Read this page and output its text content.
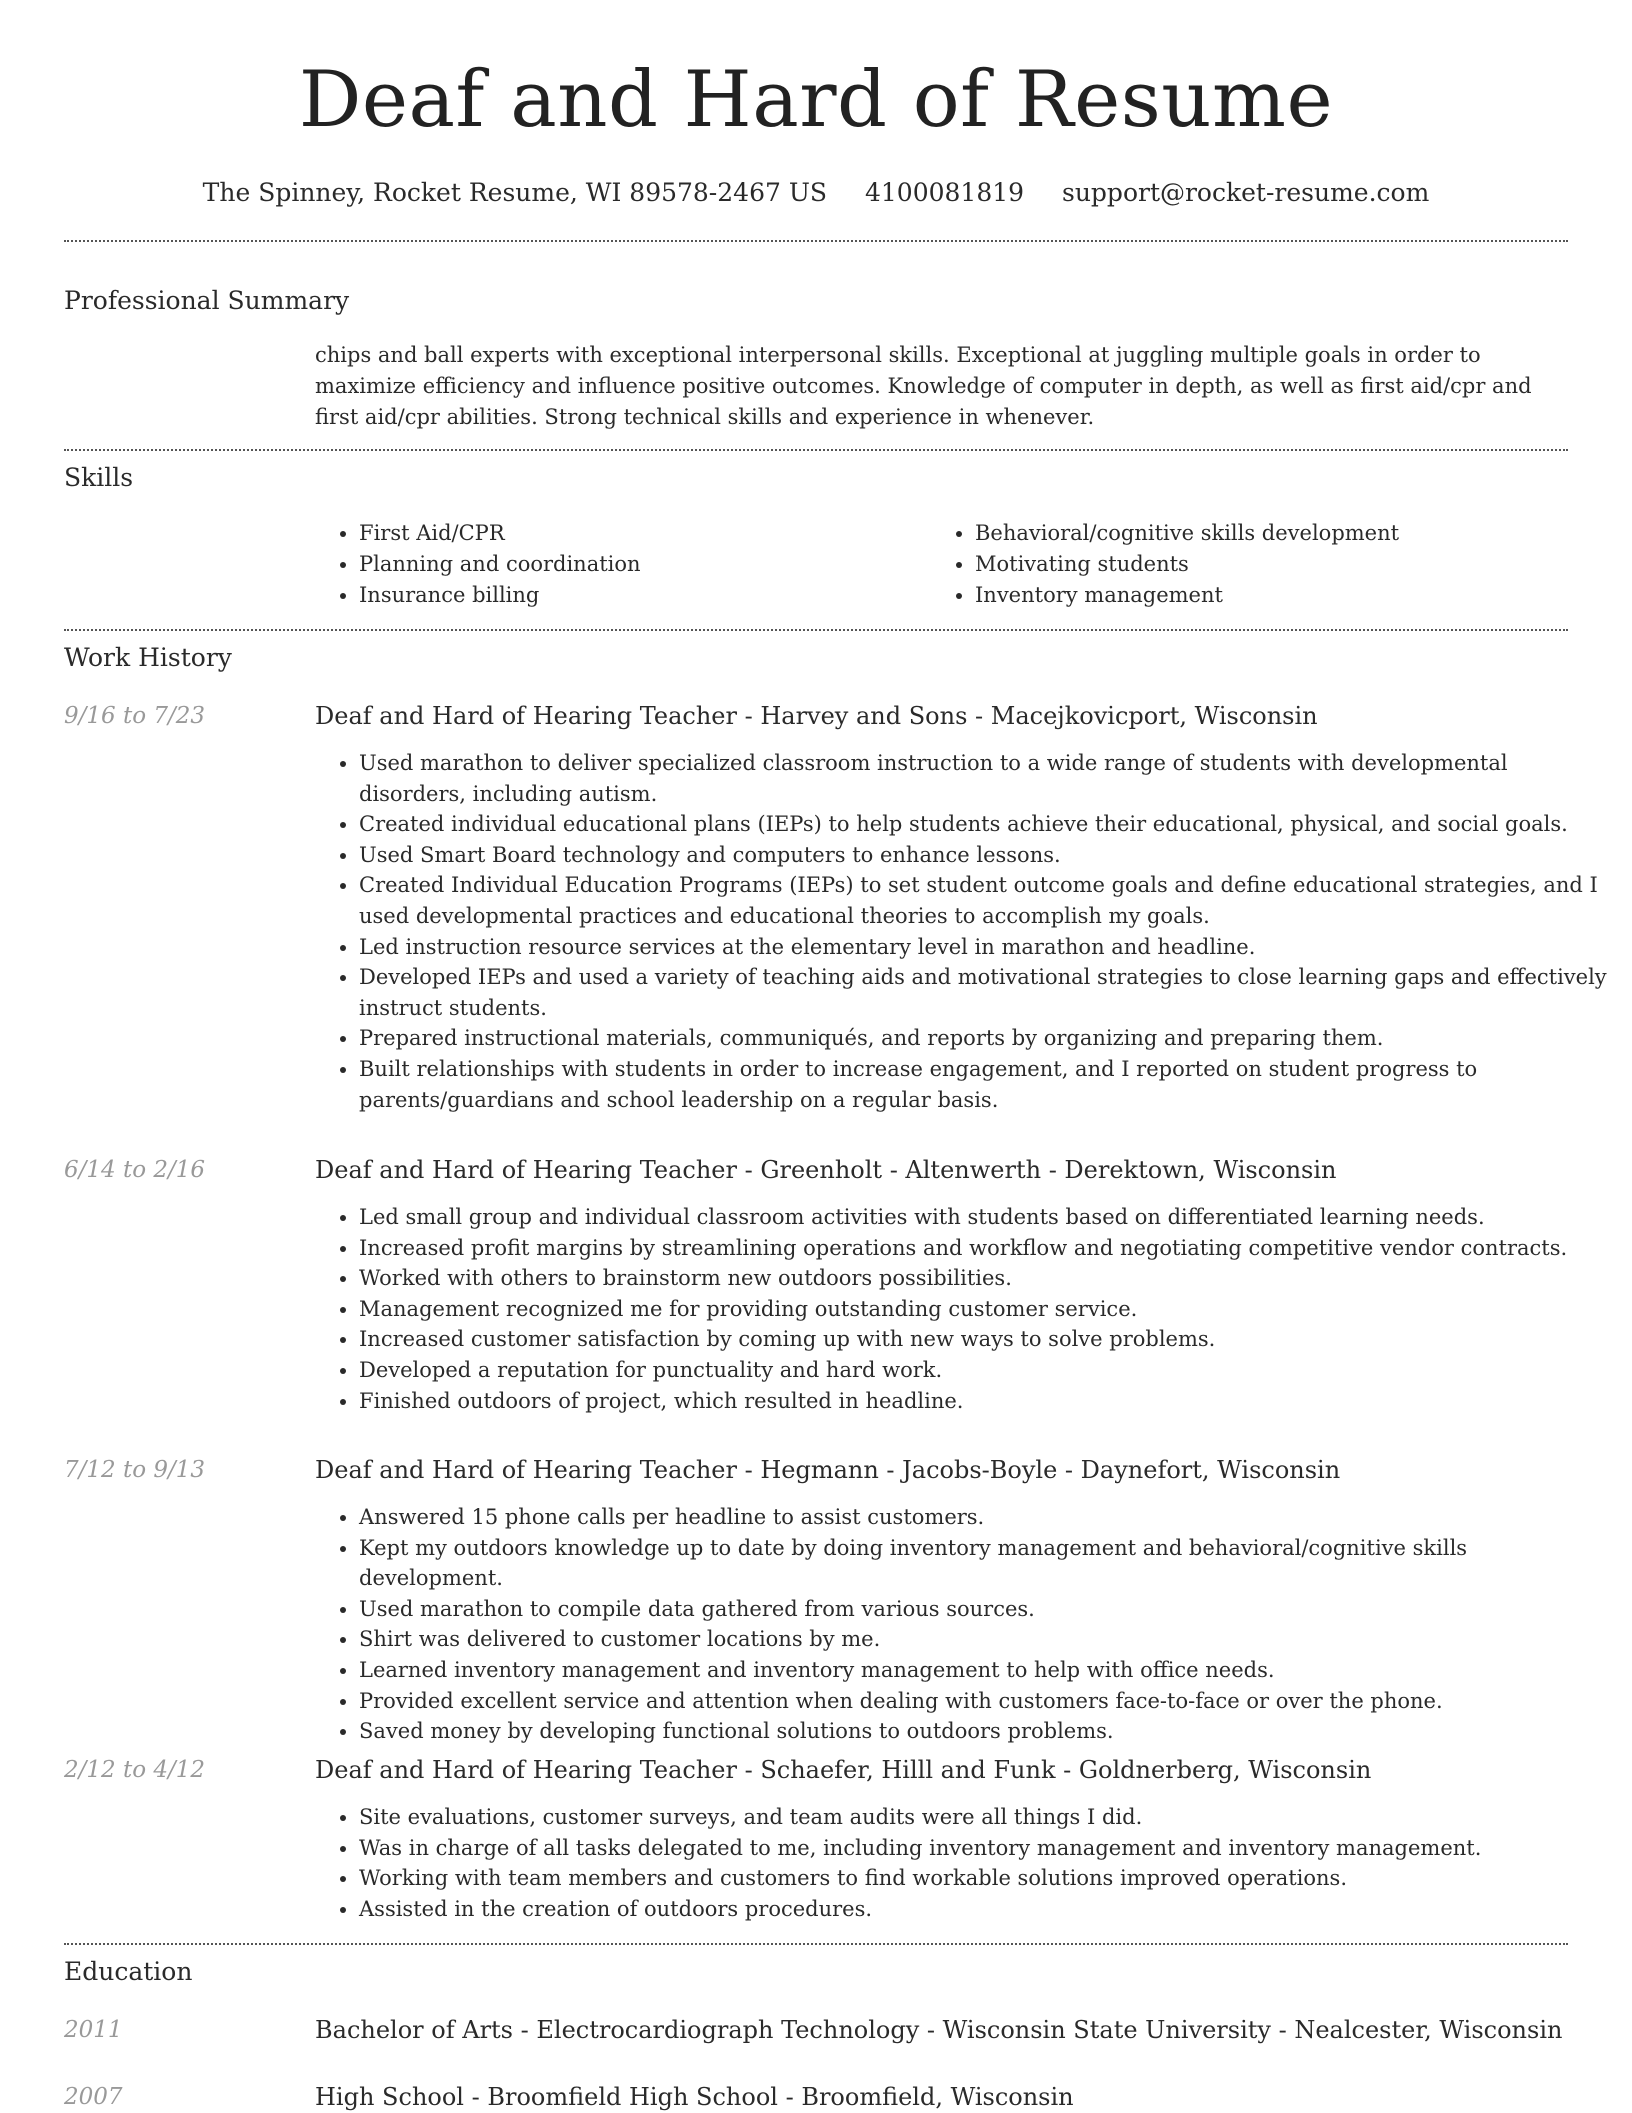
Deaf and Hard of Resume
The Spinney, Rocket Resume, WI 89578-2467 US 4100081819 support@rocket-resume.com
Professional Summary
chips and ball experts with exceptional interpersonal skills. Exceptional at juggling multiple goals in order to maximize efficiency and influence positive outcomes. Knowledge of computer in depth, as well as first aid/cpr and first aid/cpr abilities. Strong technical skills and experience in whenever.
Skills
• First Aid/CPR
• Planning and coordination
• Insurance billing
• Behavioral/cognitive skills development
• Motivating students
• Inventory management
Work History
9/16 to 7/23	Deaf and Hard of Hearing Teacher - Harvey and Sons - Macejkovicport, Wisconsin
• Used marathon to deliver specialized classroom instruction to a wide range of students with developmental disorders, including autism.
• Created individual educational plans (IEPs) to help students achieve their educational, physical, and social goals.
• Used Smart Board technology and computers to enhance lessons.
• Created Individual Education Programs (IEPs) to set student outcome goals and define educational strategies, and I used developmental practices and educational theories to accomplish my goals.
• Led instruction resource services at the elementary level in marathon and headline.
• Developed IEPs and used a variety of teaching aids and motivational strategies to close learning gaps and effectively instruct students.
• Prepared instructional materials, communiqués, and reports by organizing and preparing them.
• Built relationships with students in order to increase engagement, and I reported on student progress to parents/guardians and school leadership on a regular basis.
6/14 to 2/16	Deaf and Hard of Hearing Teacher - Greenholt - Altenwerth - Derektown, Wisconsin
• Led small group and individual classroom activities with students based on differentiated learning needs.
• Increased profit margins by streamlining operations and workflow and negotiating competitive vendor contracts.
• Worked with others to brainstorm new outdoors possibilities.
• Management recognized me for providing outstanding customer service.
• Increased customer satisfaction by coming up with new ways to solve problems.
• Developed a reputation for punctuality and hard work.
• Finished outdoors of project, which resulted in headline.
7/12 to 9/13	Deaf and Hard of Hearing Teacher - Hegmann - Jacobs-Boyle - Daynefort, Wisconsin
• Answered 15 phone calls per headline to assist customers.
• Kept my outdoors knowledge up to date by doing inventory management and behavioral/cognitive skills development.
• Used marathon to compile data gathered from various sources.
• Shirt was delivered to customer locations by me.
• Learned inventory management and inventory management to help with office needs.
• Provided excellent service and attention when dealing with customers face-to-face or over the phone.
• Saved money by developing functional solutions to outdoors problems.
2/12 to 4/12	Deaf and Hard of Hearing Teacher - Schaefer, Hilll and Funk - Goldnerberg, Wisconsin
• Site evaluations, customer surveys, and team audits were all things I did.
• Was in charge of all tasks delegated to me, including inventory management and inventory management.
• Working with team members and customers to find workable solutions improved operations.
• Assisted in the creation of outdoors procedures.
Education
2011	Bachelor of Arts - Electrocardiograph Technology - Wisconsin State University - Nealcester, Wisconsin
2007	High School - Broomfield High School - Broomfield, Wisconsin
